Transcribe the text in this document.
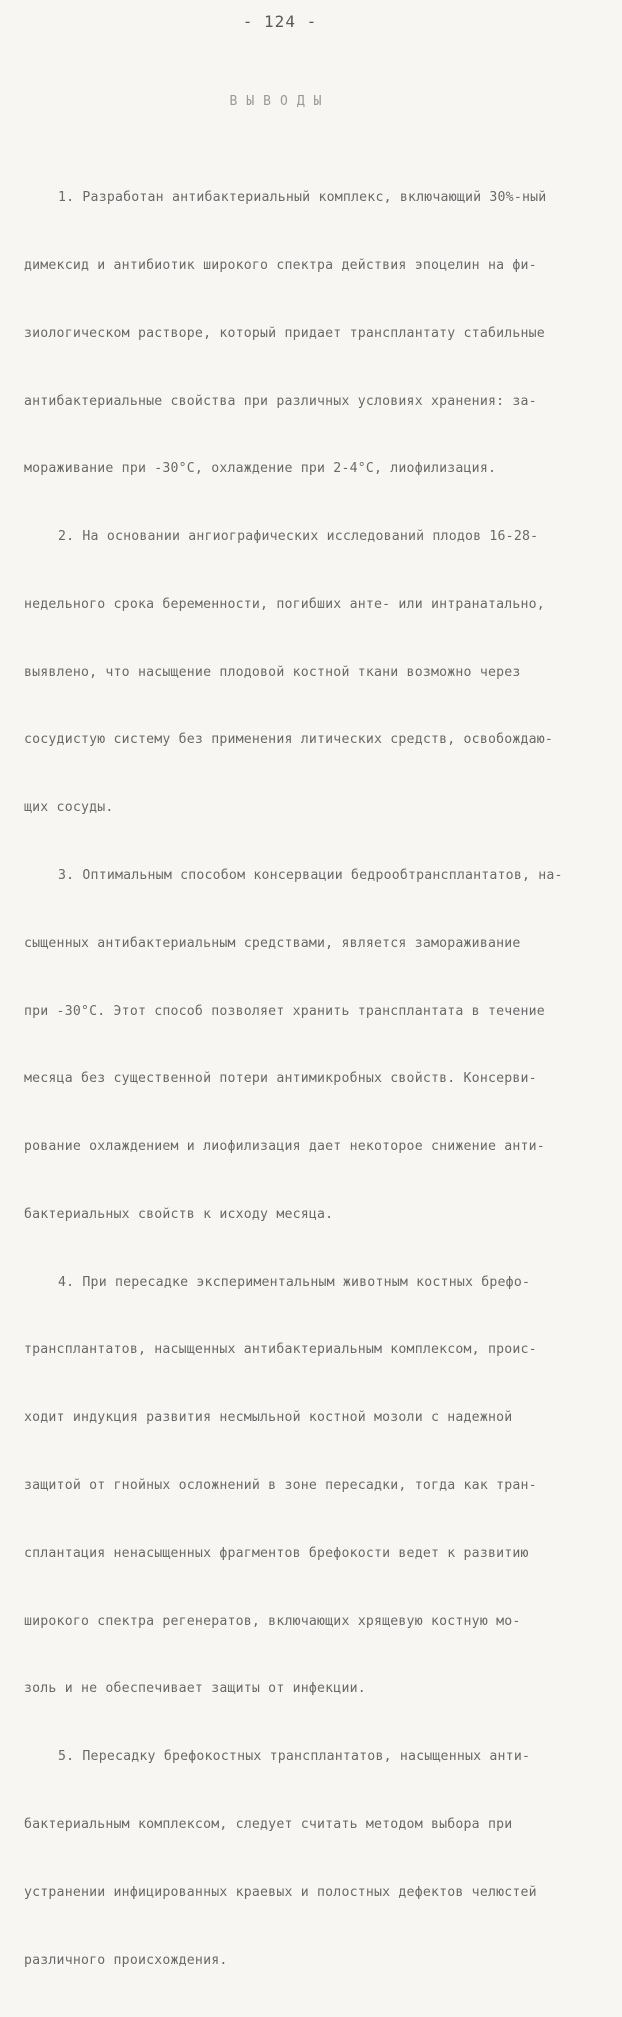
- 124 -
ВЫВОДЫ

1. Разработан антибактериальный комплекс, включающий 30%-ный

димексид и антибиотик широкого спектра действия эпоцелин на фи-

зиологическом растворе, который придает трансплантату стабильные

антибактериальные свойства при различных условиях хранения: за-

мораживание при -30°С, охлаждение при 2-4°С, лиофилизация.

2. На основании ангиографических исследований плодов 16-28-

недельного срока беременности, погибших анте- или интранатально,

выявлено, что насыщение плодовой костной ткани возможно через

сосудистую систему без применения литических средств, освобождаю-

щих сосуды.

3. Оптимальным способом консервации бедрообтрансплантатов, на-

сыщенных антибактериальным средствами, является замораживание

при -30°С. Этот способ позволяет хранить трансплантата в течение

месяца без существенной потери антимикробных свойств. Консерви-

рование охлаждением и лиофилизация дает некоторое снижение анти-

бактериальных свойств к исходу месяца.

4. При пересадке экспериментальным животным костных брефо-

трансплантатов, насыщенных антибактериальным комплексом, проис-

ходит индукция развития несмыльной костной мозоли с надежной

защитой от гнойных осложнений в зоне пересадки, тогда как тран-

сплантация ненасыщенных фрагментов брефокости ведет к развитию

широкого спектра регенератов, включающих хрящевую костную мо-

золь и не обеспечивает защиты от инфекции.

5. Пересадку брефокостных трансплантатов, насыщенных анти-

бактериальным комплексом, следует считать методом выбора при

устранении инфицированных краевых и полостных дефектов челюстей

различного происхождения.
